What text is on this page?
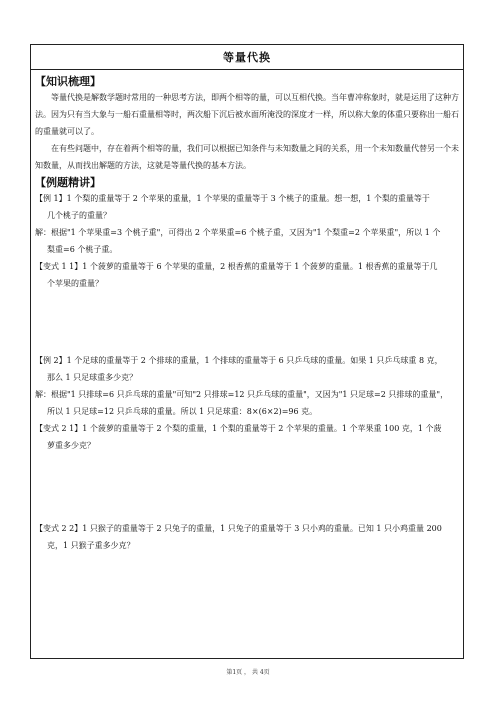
等量代换

【知识梳理】

等量代换是解数学题时常用的一种思考方法，即两个相等的量，可以互相代换。当年曹冲称象时，就是运用了这种方法。因为只有当大象与一船石重量相等时，两次船下沉后被水面所淹没的深度才一样，所以称大象的体重只要称出一船石的重量就可以了。

在有些问题中，存在着两个相等的量，我们可以根据已知条件与未知数量之间的关系，用一个未知数量代替另一个未知数量，从而找出解题的方法，这就是等量代换的基本方法。

【例题精讲】

【例 1】1 个梨的重量等于 2 个苹果的重量，1 个苹果的重量等于 3 个桃子的重量。想一想，1 个梨的重量等于
几个桃子的重量？

解：根据"1 个苹果重=3 个桃子重"，可得出 2 个苹果重=6 个桃子重，又因为"1 个梨重=2 个苹果重"，所以 1 个
梨重=6 个桃子重。

【变式 1 1】1 个菠萝的重量等于 6 个苹果的重量，2 根香蕉的重量等于 1 个菠萝的重量。1 根香蕉的重量等于几
个苹果的重量？

【例 2】1 个足球的重量等于 2 个排球的重量，1 个排球的重量等于 6 只乒乓球的重量。如果 1 只乒乓球重 8 克，
那么 1 只足球重多少克？

解：根据"1 只排球=6 只乒乓球的重量"可知"2 只排球=12 只乒乓球的重量"，又因为"1 只足球=2 只排球的重量"，
所以 1 只足球=12 只乒乓球的重量。所以 1 只足球重：8×(6×2)=96 克。

【变式 2 1】1 个菠萝的重量等于 2 个梨的重量，1 个梨的重量等于 2 个苹果的重量。1 个苹果重 100 克，1 个菠
萝重多少克？

【变式 2 2】1 只猴子的重量等于 2 只兔子的重量，1 只兔子的重量等于 3 只小鸡的重量。已知 1 只小鸡重量 200
克，1 只猴子重多少克？

第1页 ， 共 4页
